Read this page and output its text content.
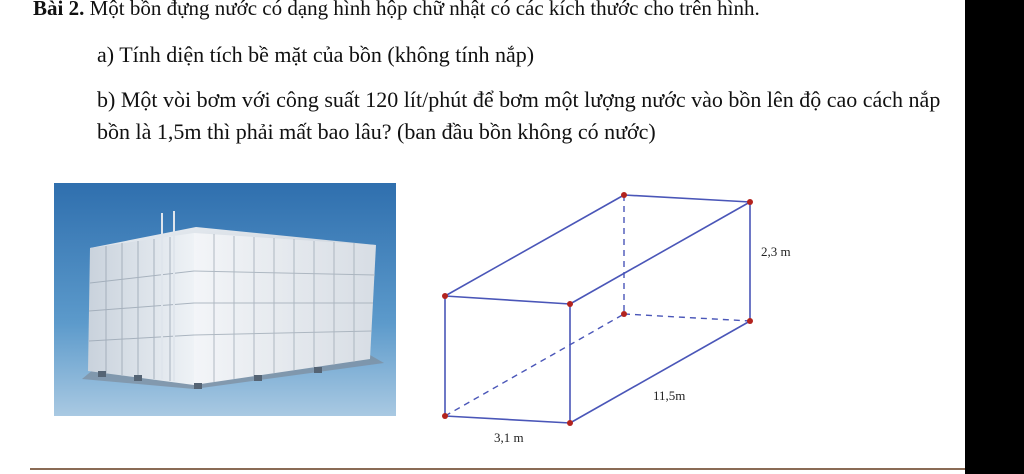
Bài 2. Một bồn đựng nước có dạng hình hộp chữ nhật có các kích thước cho trên hình.
a) Tính diện tích bề mặt của bồn (không tính nắp)
b) Một vòi bơm với công suất 120 lít/phút để bơm một lượng nước vào bồn lên độ cao cách nắp bồn là 1,5m thì phải mất bao lâu? (ban đầu bồn không có nước)
2,3 m
11,5m
3,1 m
